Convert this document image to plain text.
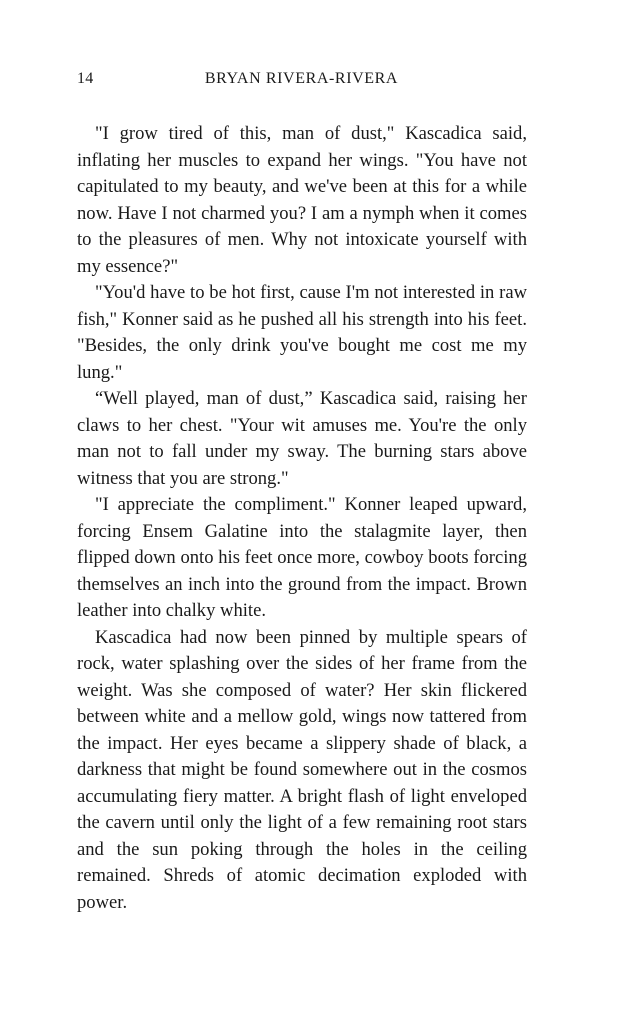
14	BRYAN RIVERA-RIVERA

"I grow tired of this, man of dust," Kascadica said, inflating her muscles to expand her wings. "You have not capitulated to my beauty, and we've been at this for a while now. Have I not charmed you? I am a nymph when it comes to the pleasures of men. Why not intoxicate yourself with my essence?"

"You'd have to be hot first, cause I'm not interested in raw fish," Konner said as he pushed all his strength into his feet. "Besides, the only drink you've bought me cost me my lung."

“Well played, man of dust,” Kascadica said, raising her claws to her chest. "Your wit amuses me. You're the only man not to fall under my sway. The burning stars above witness that you are strong."

"I appreciate the compliment." Konner leaped upward, forcing Ensem Galatine into the stalagmite layer, then flipped down onto his feet once more, cowboy boots forcing themselves an inch into the ground from the impact. Brown leather into chalky white.

Kascadica had now been pinned by multiple spears of rock, water splashing over the sides of her frame from the weight. Was she composed of water? Her skin flickered between white and a mellow gold, wings now tattered from the impact. Her eyes became a slippery shade of black, a darkness that might be found somewhere out in the cosmos accumulating fiery matter. A bright flash of light enveloped the cavern until only the light of a few remaining root stars and the sun poking through the holes in the ceiling remained. Shreds of atomic decimation exploded with power.
